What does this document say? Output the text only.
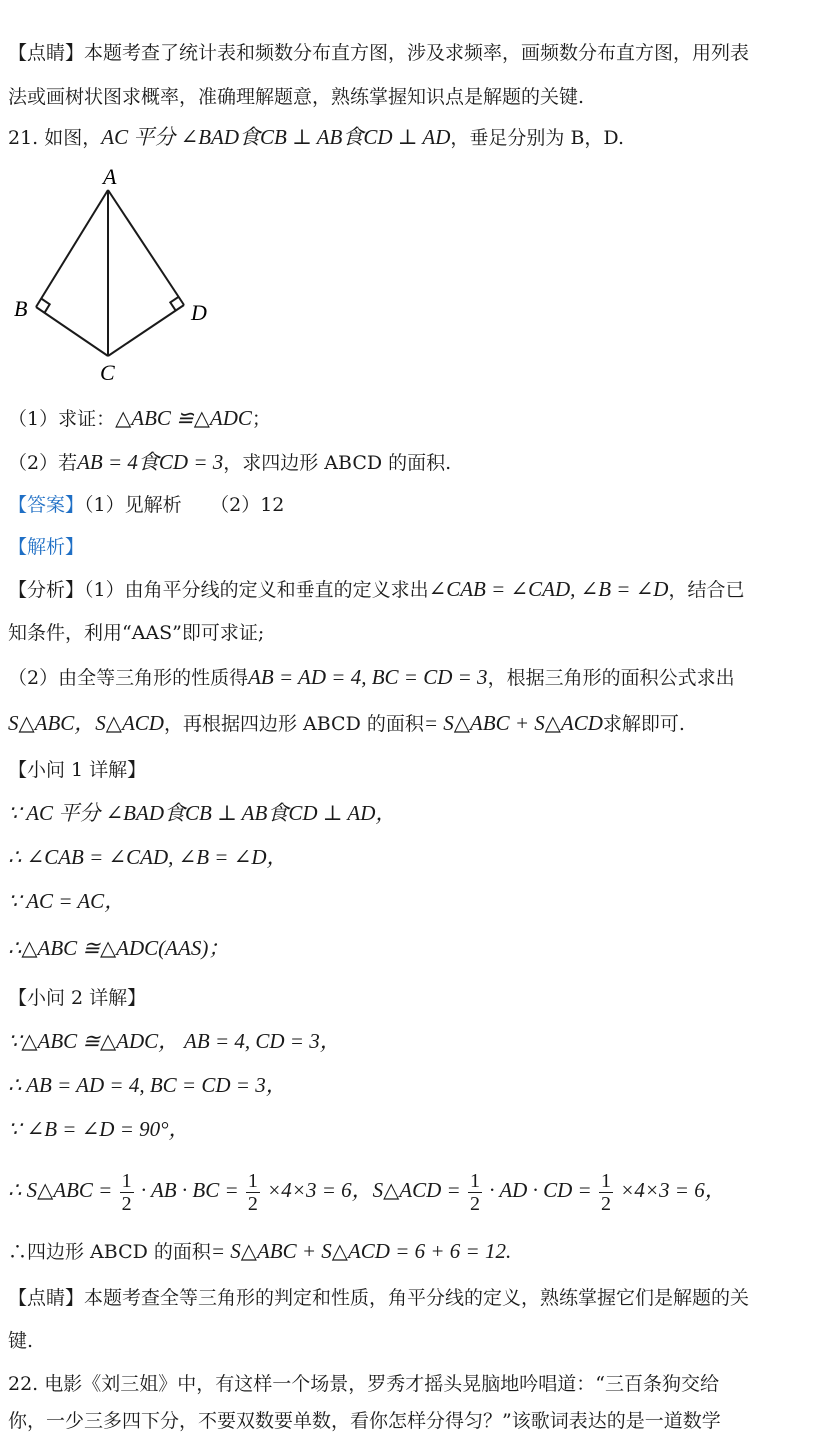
【点睛】本题考查了统计表和频数分布直方图，涉及求频率，画频数分布直方图，用列表
法或画树状图求概率，准确理解题意，熟练掌握知识点是解题的关键.
21. 如图，AC 平分 ∠BAD食CB ⊥ AB食CD ⊥ AD，垂足分别为 B，D.
A
B
C
D
（1）求证：△ABC ≌△ADC；
（2）若AB = 4食CD = 3，求四边形 ABCD 的面积.
【答案】（1）见解析　　（2）12
【解析】
【分析】（1）由角平分线的定义和垂直的定义求出∠CAB = ∠CAD, ∠B = ∠D，结合已
知条件，利用“AAS”即可求证;
（2）由全等三角形的性质得AB = AD = 4, BC = CD = 3，根据三角形的面积公式求出
S△ABC，S△ACD，再根据四边形 ABCD 的面积= S△ABC + S△ACD求解即可.
【小问 1 详解】
∵ AC 平分 ∠BAD食CB ⊥ AB食CD ⊥ AD，
∴ ∠CAB = ∠CAD, ∠B = ∠D，
∵ AC = AC，
∴△ABC ≅△ADC(AAS)；
【小问 2 详解】
∵△ABC ≅△ADC， AB = 4, CD = 3，
∴ AB = AD = 4, BC = CD = 3，
∵ ∠B = ∠D = 90°，
∴ S△ABC = $\frac{1}{2}$ · AB · BC = $\frac{1}{2} \times 4\times 3 = 6$，S△ACD = $\frac{1}{2}$ · AD · CD = $\frac{1}{2} \times 4\times 3 = 6$，
∴四边形 ABCD 的面积= S△ABC + S△ACD = 6 + 6 = 12.
【点睛】本题考查全等三角形的判定和性质，角平分线的定义，熟练掌握它们是解题的关
键.
22. 电影《刘三姐》中，有这样一个场景，罗秀才摇头晃脑地吟唱道：“三百条狗交给
你，一少三多四下分，不要双数要单数，看你怎样分得匀？”该歌词表达的是一道数学
